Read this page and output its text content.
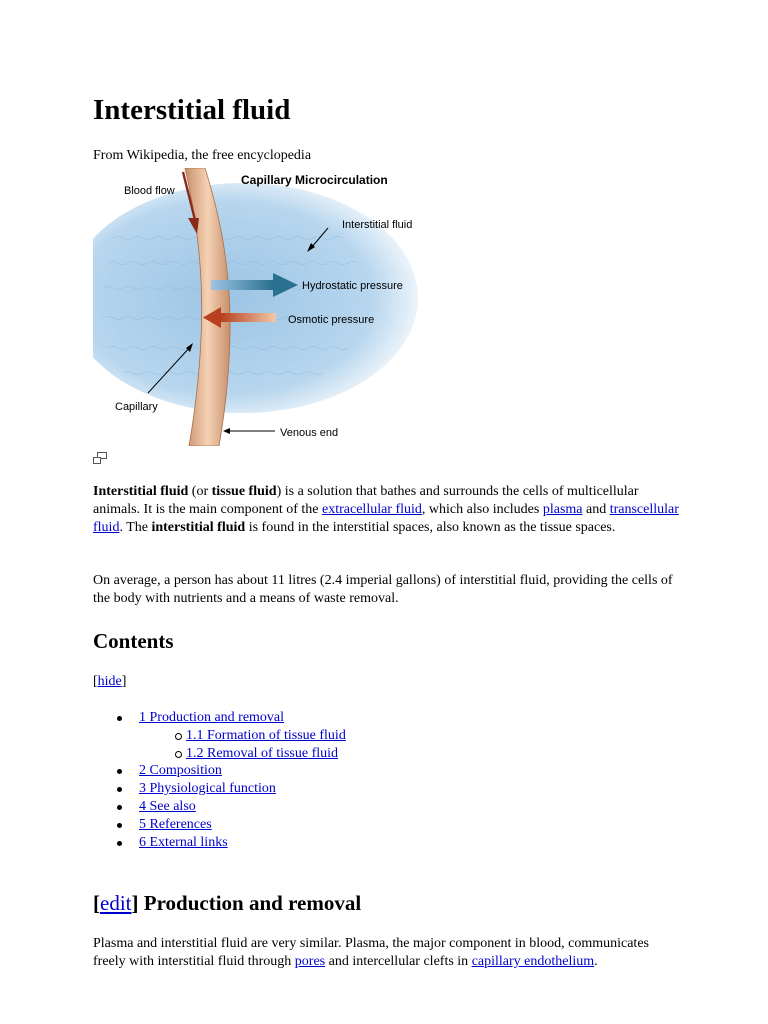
Interstitial fluid
From Wikipedia, the free encyclopedia
Capillary Microcirculation
Blood flow
Interstitial fluid
Hydrostatic pressure
Osmotic pressure
Capillary
Venous end

Interstitial fluid (or tissue fluid) is a solution that bathes and surrounds the cells of multicellular animals. It is the main component of the extracellular fluid, which also includes plasma and transcellular fluid. The interstitial fluid is found in the interstitial spaces, also known as the tissue spaces.

On average, a person has about 11 litres (2.4 imperial gallons) of interstitial fluid, providing the cells of the body with nutrients and a means of waste removal.

Contents
[hide]
1 Production and removal
1.1 Formation of tissue fluid
1.2 Removal of tissue fluid
2 Composition
3 Physiological function
4 See also
5 References
6 External links
[edit] Production and removal

Plasma and interstitial fluid are very similar. Plasma, the major component in blood, communicates freely with interstitial fluid through pores and intercellular clefts in capillary endothelium.
